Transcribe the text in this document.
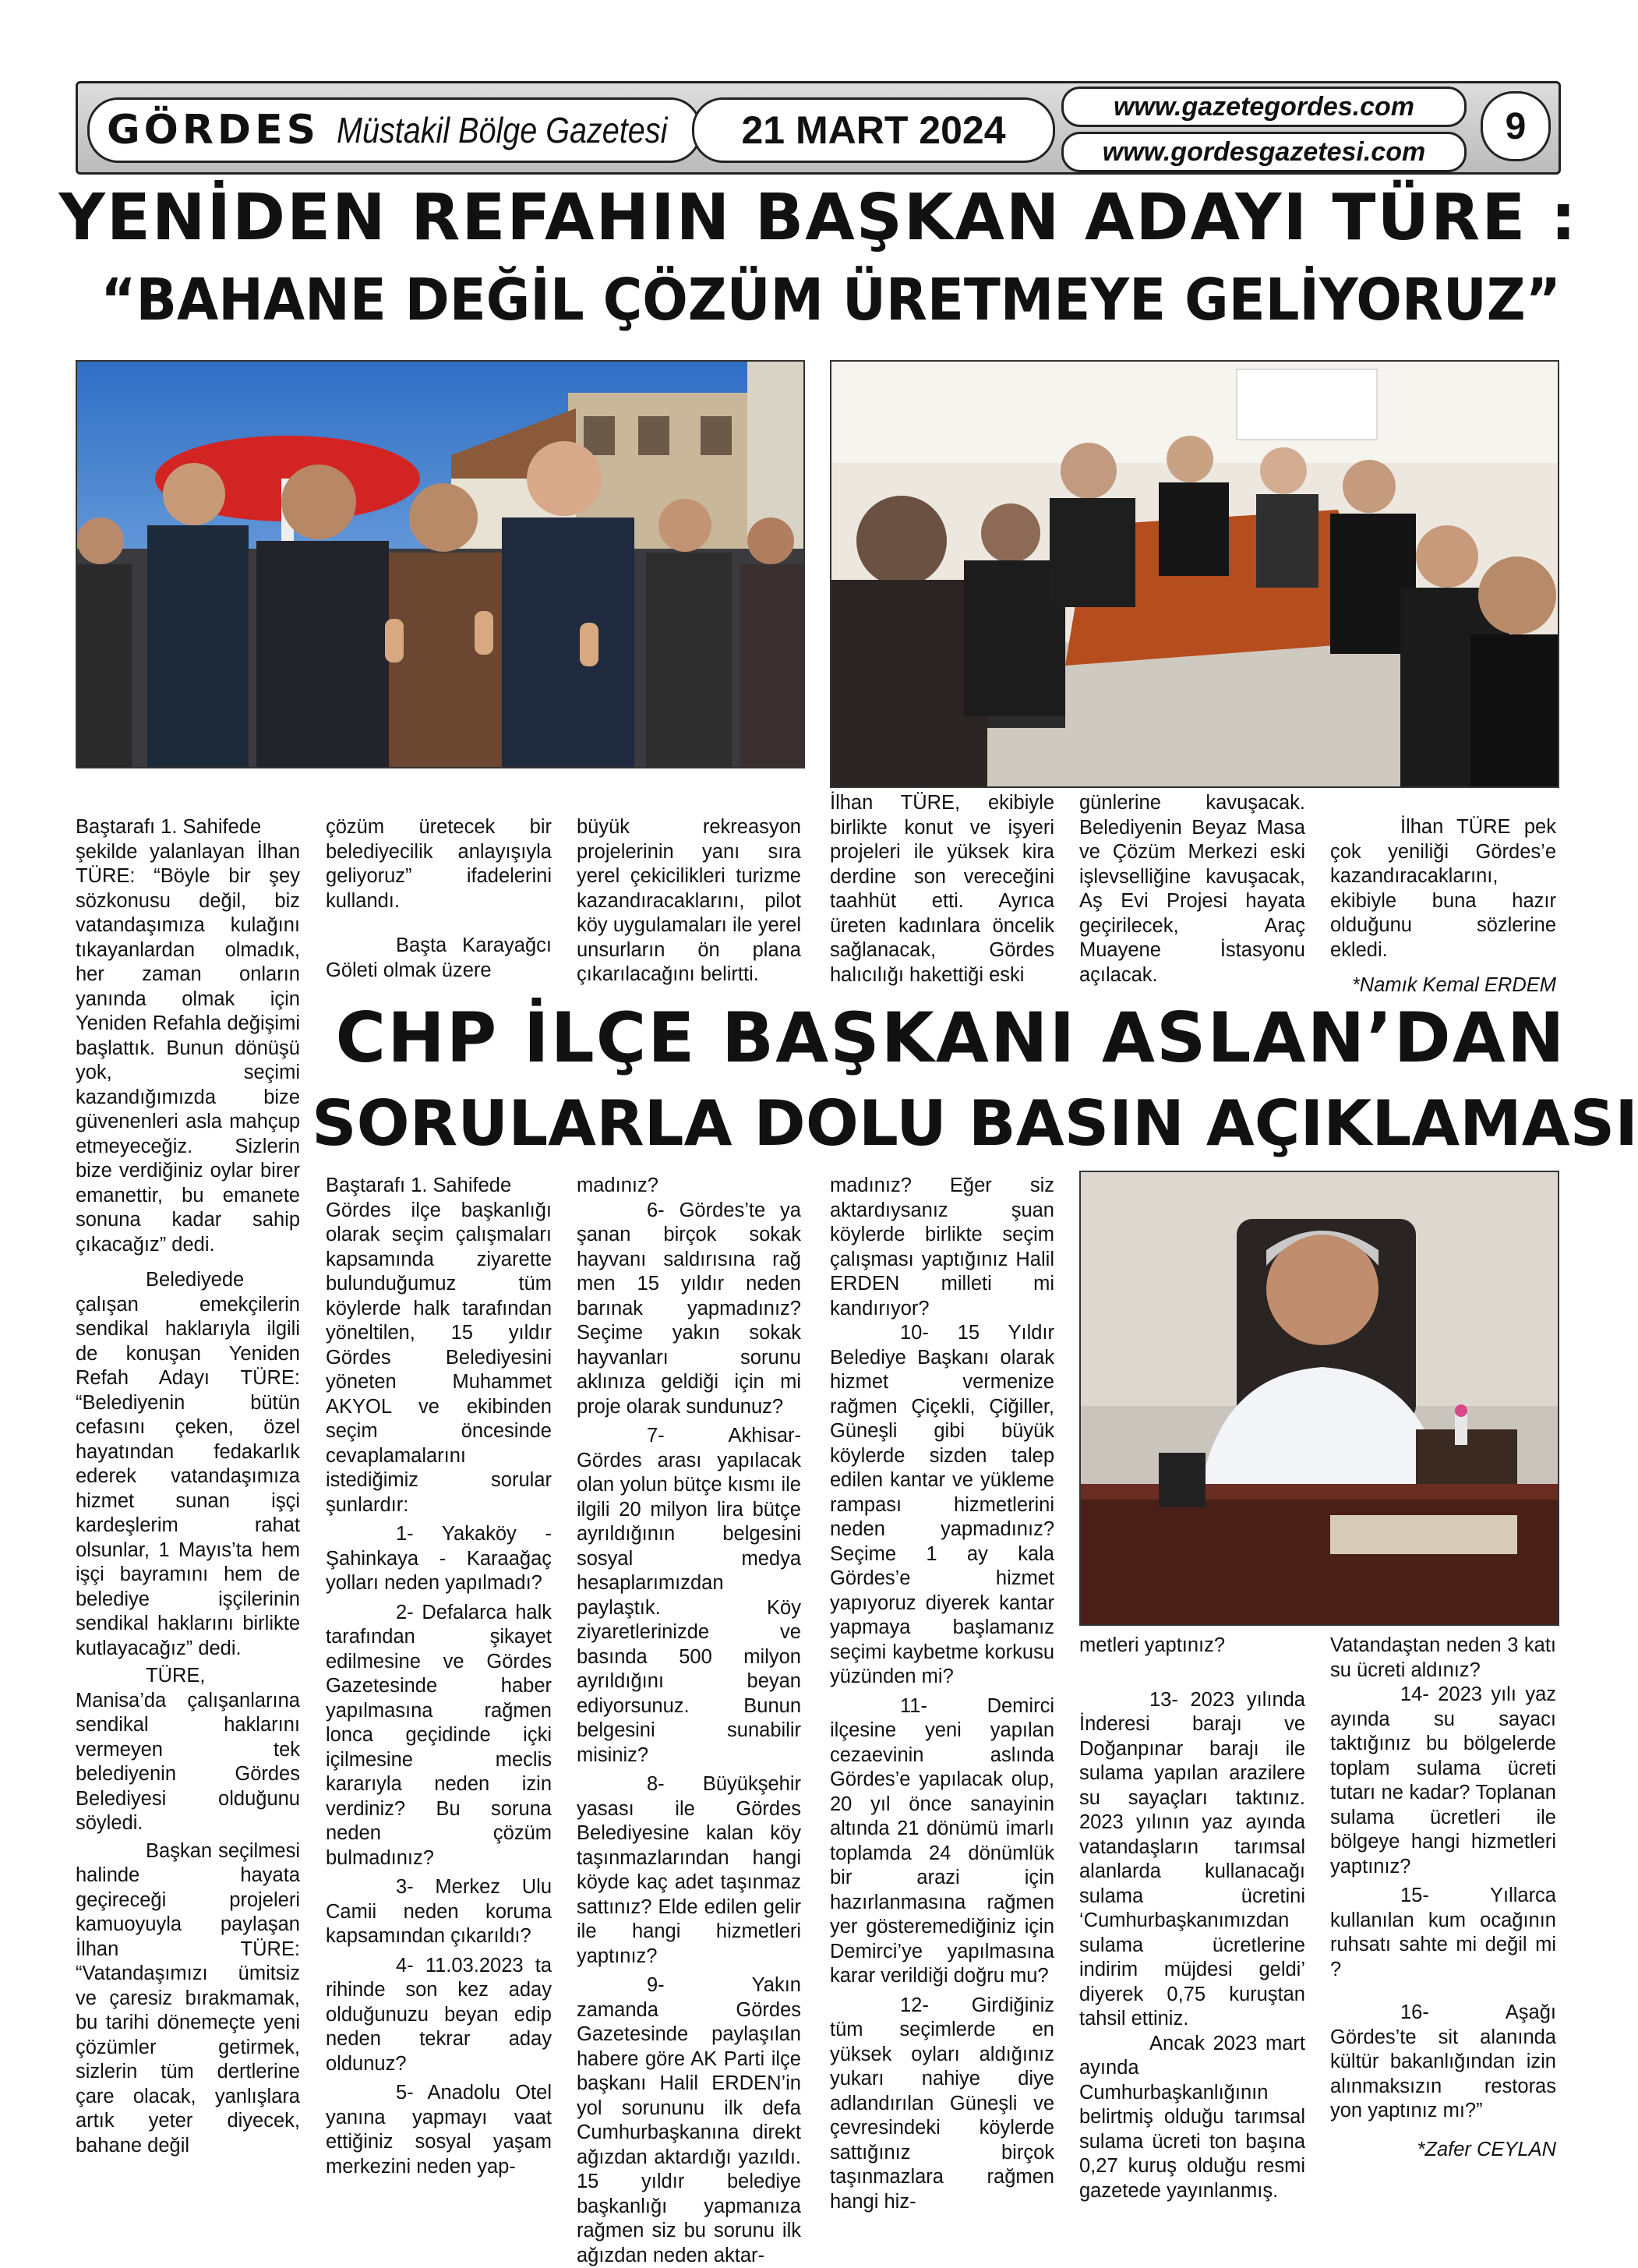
GÖRDES Müstakil Bölge Gazetesi	21 MART 2024
www.gazetegordes.com
www.gordesgazetesi.com
9
YENİDEN REFAHIN BAŞKAN ADAYI TÜRE :
“BAHANE DEĞİL ÇÖZÜM ÜRETMEYE GELİYORUZ”

Baştarafı 1. Sahifede

şekilde yalanlayan İlhan TÜRE: “Böyle bir şey sözkonusu değil, biz vatandaşımıza kulağını tıkayanlardan olmadık, her zaman onların yanında olmak için Yeniden Refahla değişimi başlattık. Bunun dönüşü yok, seçimi kazandığımızda bize güvenenleri asla mahçup etmeyeceğiz. Sizlerin bize verdiğiniz oylar birer emanettir, bu emanete sonuna kadar sahip çıkacağız” dedi.

Belediyede çalışan emekçilerin sendikal haklarıyla ilgili de konuşan Yeniden Refah Adayı TÜRE: “Belediyenin bütün cefasını çeken, özel hayatından fedakarlık ederek vatandaşımıza hizmet sunan işçi kardeşlerim rahat olsunlar, 1 Mayıs’ta hem işçi bayramını hem de belediye işçilerinin sendikal haklarını birlikte kutlayacağız” dedi.

TÜRE, Manisa’da çalışanlarına sendikal haklarını vermeyen tek belediyenin Gördes Belediyesi olduğunu söyledi.

Başkan seçilmesi halinde hayata geçireceği projeleri kamuoyuyla paylaşan İlhan TÜRE: “Vatandaşımızı ümitsiz ve çaresiz bırakmamak, bu tarihi dönemeçte yeni çözümler getirmek, sizlerin tüm dertlerine çare olacak, yanlışlara artık yeter diyecek, bahane değil

çözüm üretecek bir belediyecilik anlayışıyla geliyoruz” ifadelerini kullandı.

Başta Karayağcı Göleti olmak üzere

büyük rekreasyon projelerinin yanı sıra yerel çekicilikleri turizme kazandıracaklarını, pilot köy uygulamaları ile yerel unsurların ön plana çıkarılacağını belirtti.

İlhan TÜRE, ekibiyle birlikte konut ve işyeri projeleri ile yüksek kira derdine son vereceğini taahhüt etti. Ayrıca üreten kadınlara öncelik sağlanacak, Gördes halıcılığı hakettiği eski

günlerine kavuşacak. Belediyenin Beyaz Masa ve Çözüm Merkezi eski işlevselliğine kavuşacak, Aş Evi Projesi hayata geçirilecek, Araç Muayene İstasyonu açılacak.

İlhan TÜRE pek çok yeniliği Gördes’e kazandıracaklarını, ekibiyle buna hazır olduğunu sözlerine ekledi.

*Namık Kemal ERDEM

CHP İLÇE BAŞKANI ASLAN’DAN
SORULARLA DOLU BASIN AÇIKLAMASI

Baştarafı 1. Sahifede

Gördes ilçe başkanlığı olarak seçim çalışmaları kapsamında ziyarette bulunduğumuz tüm köylerde halk tarafından yöneltilen, 15 yıldır Gördes Belediyesini yöneten Muhammet AKYOL ve ekibinden seçim öncesinde cevaplamalarını istediğimiz sorular şunlardır:

1- Yakaköy - Şahinkaya - Karaağaç yolları neden yapılmadı?

2- Defalarca halk tarafından şikayet edilmesine ve Gördes Gazetesinde haber yapılmasına rağmen lonca geçidinde içki içilmesine meclis kararıyla neden izin verdiniz? Bu soruna neden çözüm bulmadınız?

3- Merkez Ulu Camii neden koruma kapsamından çıkarıldı?

4- 11.03.2023 ta rihinde son kez aday olduğunuzu beyan edip neden tekrar aday oldunuz?

5- Anadolu Otel yanına yapmayı vaat ettiğiniz sosyal yaşam merkezini neden yap-

madınız?

6- Gördes’te ya şanan birçok sokak hayvanı saldırısına rağ men 15 yıldır neden barınak yapmadınız? Seçime yakın sokak hayvanları sorunu aklınıza geldiği için mi proje olarak sundunuz?

7- Akhisar-Gördes arası yapılacak olan yolun bütçe kısmı ile ilgili 20 milyon lira bütçe ayrıldığının belgesini sosyal medya hesaplarımızdan paylaştık. Köy ziyaretlerinizde ve basında 500 milyon ayrıldığını beyan ediyorsunuz. Bunun belgesini sunabilir misiniz?

8- Büyükşehir yasası ile Gördes Belediyesine kalan köy taşınmazlarından hangi köyde kaç adet taşınmaz sattınız? Elde edilen gelir ile hangi hizmetleri yaptınız?

9- Yakın zamanda Gördes Gazetesinde paylaşılan habere göre AK Parti ilçe başkanı Halil ERDEN’in yol sorununu ilk defa Cumhurbaşkanına direkt ağızdan aktardığı yazıldı. 15 yıldır belediye başkanlığı yapmanıza rağmen siz bu sorunu ilk ağızdan neden aktar-

madınız? Eğer siz aktardıysanız şuan köylerde birlikte seçim çalışması yaptığınız Halil ERDEN milleti mi kandırıyor?

10- 15 Yıldır Belediye Başkanı olarak hizmet vermenize rağmen Çiçekli, Çiğiller, Güneşli gibi büyük köylerde sizden talep edilen kantar ve yükleme rampası hizmetlerini neden yapmadınız? Seçime 1 ay kala Gördes’e hizmet yapıyoruz diyerek kantar yapmaya başlamanız seçimi kaybetme korkusu yüzünden mi?

11- Demirci ilçesine yeni yapılan cezaevinin aslında Gördes’e yapılacak olup, 20 yıl önce sanayinin altında 21 dönümü imarlı toplamda 24 dönümlük bir arazi için hazırlanmasına rağmen yer gösteremediğiniz için Demirci’ye yapılmasına karar verildiği doğru mu?

12- Girdiğiniz tüm seçimlerde en yüksek oyları aldığınız yukarı nahiye diye adlandırılan Güneşli ve çevresindeki köylerde sattığınız birçok taşınmazlara rağmen hangi hiz-

metleri yaptınız?

13- 2023 yılında İnderesi barajı ve Doğanpınar barajı ile sulama yapılan arazilere su sayaçları taktınız. 2023 yılının yaz ayında vatandaşların tarımsal alanlarda kullanacağı sulama ücretini ‘Cumhurbaşkanımızdan sulama ücretlerine indirim müjdesi geldi’ diyerek 0,75 kuruştan tahsil ettiniz.

Ancak 2023 mart ayında Cumhurbaşkanlığının belirtmiş olduğu tarımsal sulama ücreti ton başına 0,27 kuruş olduğu resmi gazetede yayınlanmış.

Vatandaştan neden 3 katı su ücreti aldınız?

14- 2023 yılı yaz ayında su sayacı taktığınız bu bölgelerde toplam sulama ücreti tutarı ne kadar? Toplanan sulama ücretleri ile bölgeye hangi hizmetleri yaptınız?

15- Yıllarca kullanılan kum ocağının ruhsatı sahte mi değil mi ?

16- Aşağı Gördes’te sit alanında kültür bakanlığından izin alınmaksızın restoras yon yaptınız mı?”

*Zafer CEYLAN
